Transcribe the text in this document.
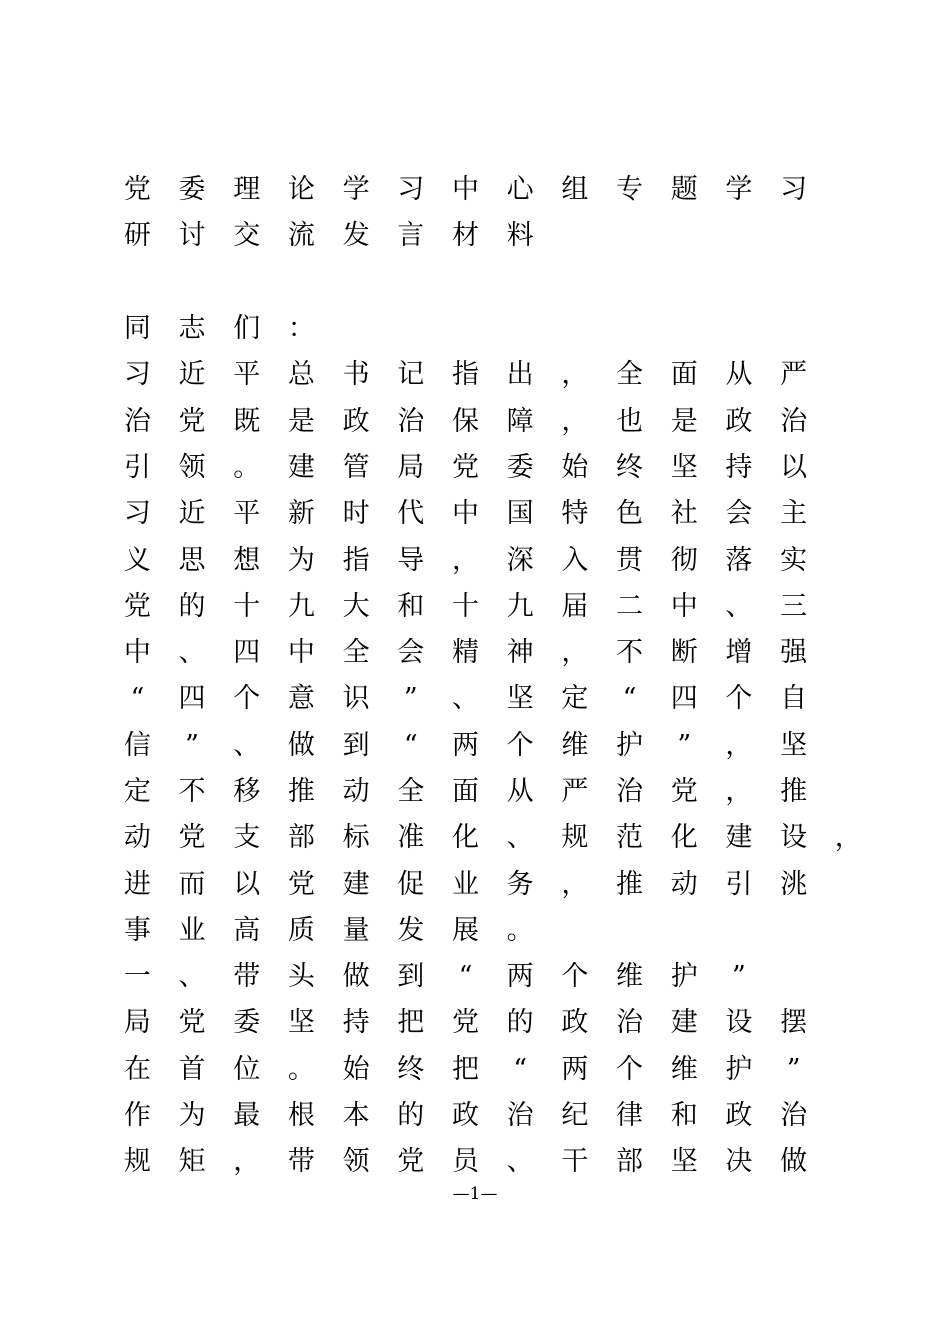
党	委	理	论	学	习	中	心	组	专	题	学	习
研	讨	交	流	发	言	材	料
同	志	们	：
习	近	平	总	书	记	指	出	，	全	面	从	严
治	党	既	是	政	治	保	障	，	也	是	政	治
引	领	。	建	管	局	党	委	始	终	坚	持	以
习	近	平	新	时	代	中	国	特	色	社	会	主
义	思	想	为	指	导	，	深	入	贯	彻	落	实
党	的	十	九	大	和	十	九	届	二	中	、	三
中	、	四	中	全	会	精	神	，	不	断	增	强
“	四	个	意	识	”	、	坚	定	“	四	个	自
信	”	、	做	到	“	两	个	维	护	”	，	坚
定	不	移	推	动	全	面	从	严	治	党	，	推
动	党	支	部	标	准	化	、	规	范	化	建	设	，
进	而	以	党	建	促	业	务	，	推	动	引	洮
事	业	高	质	量	发	展	。
一	、	带	头	做	到	“	两	个	维	护	”
局	党	委	坚	持	把	党	的	政	治	建	设	摆
在	首	位	。	始	终	把	“	两	个	维	护	”
作	为	最	根	本	的	政	治	纪	律	和	政	治
规	矩	，	带	领	党	员	、	干	部	坚	决	做
—1—
